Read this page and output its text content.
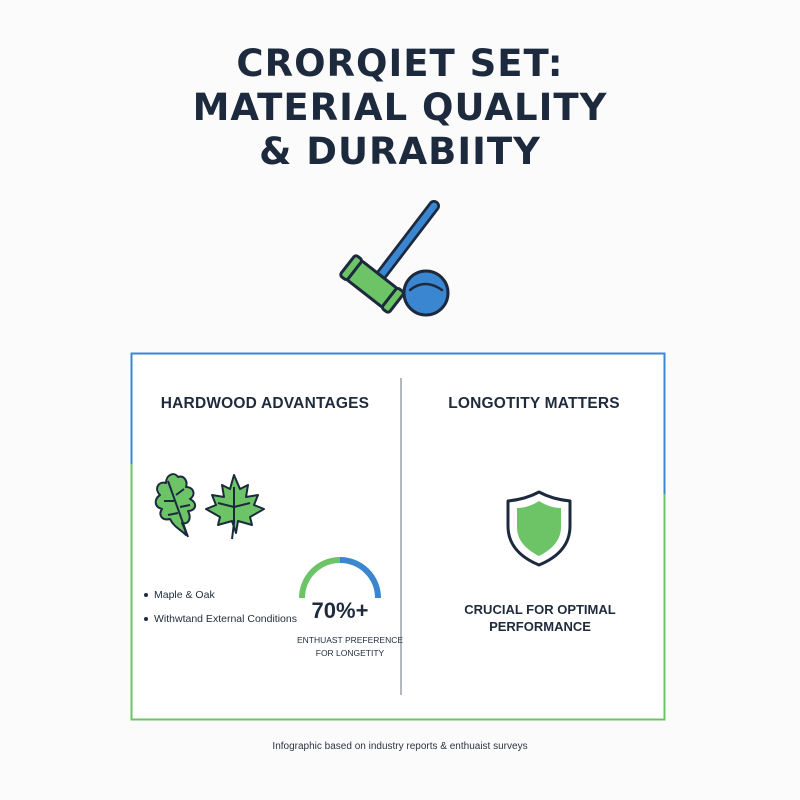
CRORQIET SET:
MATERIAL QUALITY
& DURABIITY
HARDWOOD ADVANTAGES
Maple & Oak
Withwtand External Conditions 70%+
ENTHUAST PREFERENCE
FOR LONGETITY
LONGOTITY MATTERS
CRUCIAL FOR OPTIMAL
PERFORMANCE
Infographic based on industry reports & enthuaist surveys
